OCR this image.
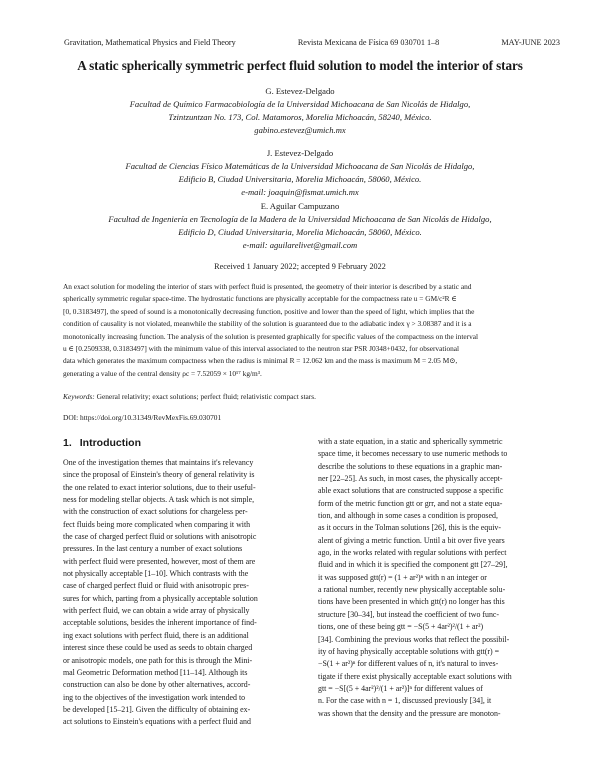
Gravitation, Mathematical Physics and Field Theory	Revista Mexicana de Física 69 030701 1–8	MAY-JUNE 2023
A static spherically symmetric perfect fluid solution to model the interior of stars
G. Estevez-Delgado
Facultad de Químico Farmacobiología de la Universidad Michoacana de San Nicolás de Hidalgo,
Tzintzuntzan No. 173, Col. Matamoros, Morelia Michoacán, 58240, México.
gabino.estevez@umich.mx
J. Estevez-Delgado
Facultad de Ciencias Físico Matemáticas de la Universidad Michoacana de San Nicolás de Hidalgo,
Edificio B, Ciudad Universitaria, Morelia Michoacán, 58060, México.
e-mail: joaquin@fismat.umich.mx
E. Aguilar Campuzano
Facultad de Ingeniería en Tecnología de la Madera de la Universidad Michoacana de San Nicolás de Hidalgo,
Edificio D, Ciudad Universitaria, Morelia Michoacán, 58060, México.
e-mail: aguilarelivet@gmail.com
Received 1 January 2022; accepted 9 February 2022
An exact solution for modeling the interior of stars with perfect fluid is presented, the geometry of their interior is described by a static and
spherically symmetric regular space-time. The hydrostatic functions are physically acceptable for the compactness rate u = GM/c²R ∈
[0, 0.3183497], the speed of sound is a monotonically decreasing function, positive and lower than the speed of light, which implies that the
condition of causality is not violated, meanwhile the stability of the solution is guaranteed due to the adiabatic index γ > 3.08387 and it is a
monotonically increasing function. The analysis of the solution is presented graphically for specific values of the compactness on the interval
u ∈ [0.2509338, 0.3183497] with the minimum value of this interval associated to the neutron star PSR J0348+0432, for observational
data which generates the maximum compactness when the radius is minimal R = 12.062 km and the mass is maximum M = 2.05 M⊙,
generating a value of the central density ρc = 7.52059 × 10¹⁷ kg/m³.
Keywords: General relativity; exact solutions; perfect fluid; relativistic compact stars.
DOI: https://doi.org/10.31349/RevMexFis.69.030701
1. Introduction
One of the investigation themes that maintains it's relevancy
since the proposal of Einstein's theory of general relativity is
the one related to exact interior solutions, due to their useful-
ness for modeling stellar objects. A task which is not simple,
with the construction of exact solutions for chargeless per-
fect fluids being more complicated when comparing it with
the case of charged perfect fluid or solutions with anisotropic
pressures. In the last century a number of exact solutions
with perfect fluid were presented, however, most of them are
not physically acceptable [1–10]. Which contrasts with the
case of charged perfect fluid or fluid with anisotropic pres-
sures for which, parting from a physically acceptable solution
with perfect fluid, we can obtain a wide array of physically
acceptable solutions, besides the inherent importance of find-
ing exact solutions with perfect fluid, there is an additional
interest since these could be used as seeds to obtain charged
or anisotropic models, one path for this is through the Mini-
mal Geometric Deformation method [11–14]. Although its
construction can also be done by other alternatives, accord-
ing to the objectives of the investigation work intended to
be developed [15–21]. Given the difficulty of obtaining ex-
act solutions to Einstein's equations with a perfect fluid and
with a state equation, in a static and spherically symmetric
space time, it becomes necessary to use numeric methods to
describe the solutions to these equations in a graphic man-
ner [22–25]. As such, in most cases, the physically accept-
able exact solutions that are constructed suppose a specific
form of the metric function gtt or grr, and not a state equa-
tion, and although in some cases a condition is proposed,
as it occurs in the Tolman solutions [26], this is the equiv-
alent of giving a metric function. Until a bit over five years
ago, in the works related with regular solutions with perfect
fluid and in which it is specified the component gtt [27–29],
it was supposed gtt(r) = (1 + ar²)ⁿ with n an integer or
a rational number, recently new physically acceptable solu-
tions have been presented in which gtt(r) no longer has this
structure [30–34], but instead the coefficient of two func-
tions, one of these being gtt = −S(5 + 4ar²)²/(1 + ar²)
[34]. Combining the previous works that reflect the possibil-
ity of having physically acceptable solutions with gtt(r) =
−S(1 + ar²)ⁿ for different values of n, it's natural to inves-
tigate if there exist physically acceptable exact solutions with
gtt = −S[(5 + 4ar²)²/(1 + ar²)]ⁿ for different values of
n. For the case with n = 1, discussed previously [34], it
was shown that the density and the pressure are monoton-
